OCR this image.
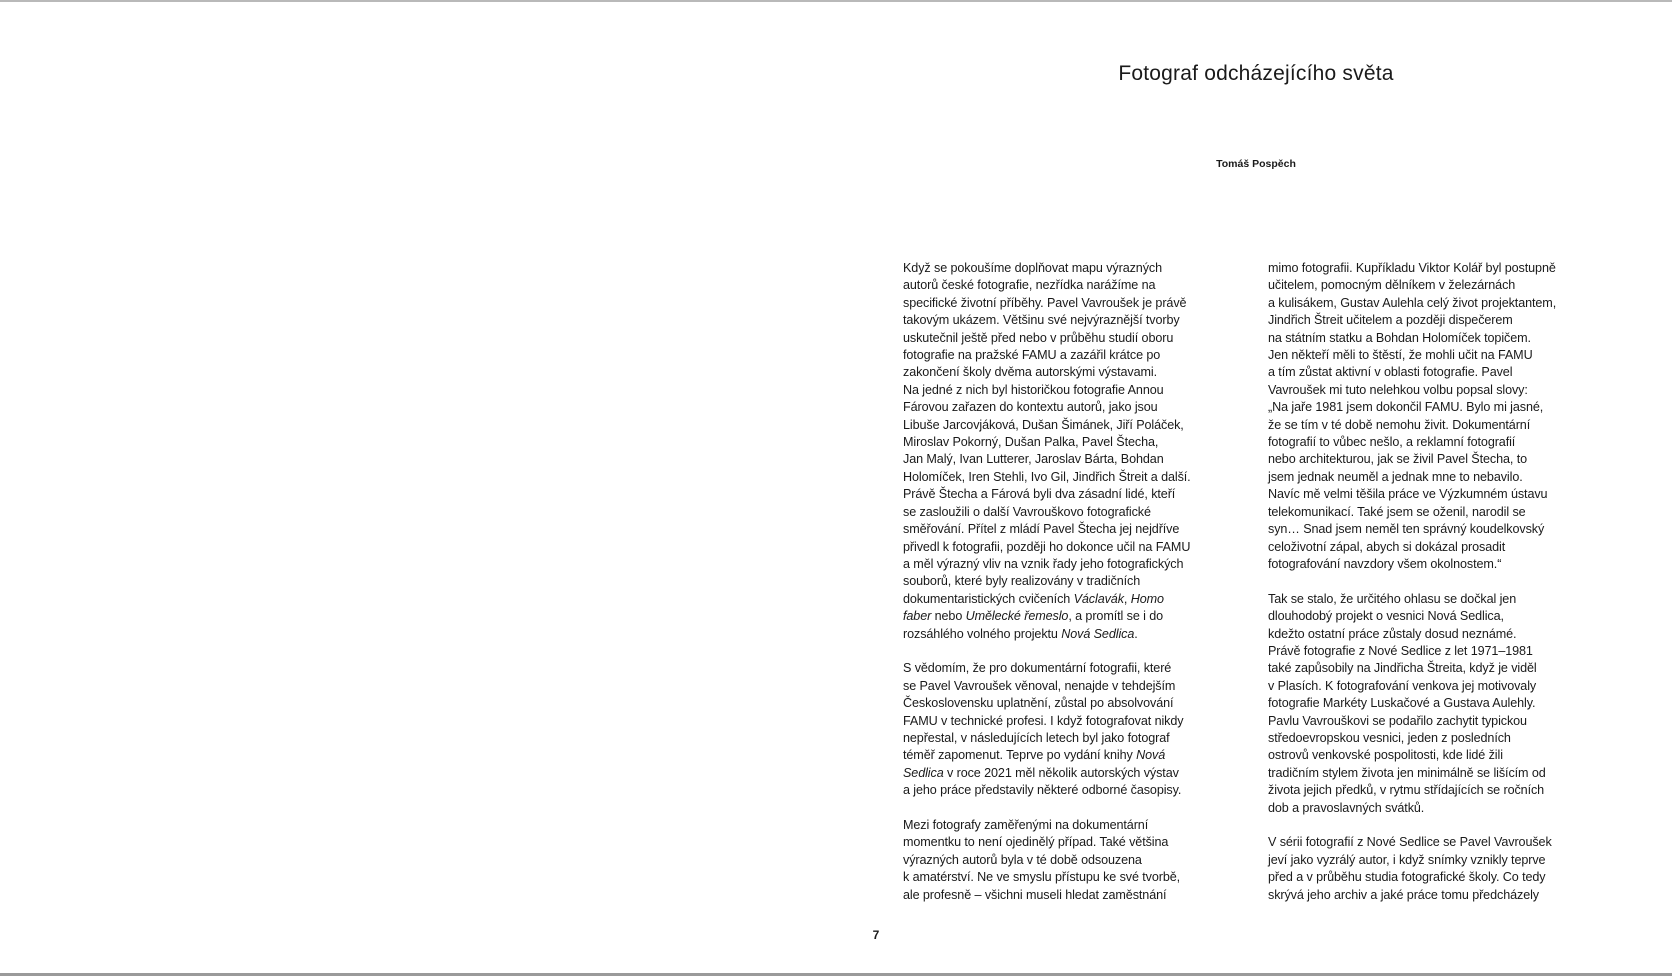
Fotograf odcházejícího světa

Tomáš Pospěch

Když se pokoušíme doplňovat mapu výrazných
autorů české fotografie, nezřídka narážíme na
specifické životní příběhy. Pavel Vavroušek je právě
takovým ukázem. Většinu své nejvýraznější tvorby
uskutečnil ještě před nebo v průběhu studií oboru
fotografie na pražské FAMU a zazářil krátce po
zakončení školy dvěma autorskými výstavami.
Na jedné z nich byl historičkou fotografie Annou
Fárovou zařazen do kontextu autorů, jako jsou
Libuše Jarcovjáková, Dušan Šimánek, Jiří Poláček,
Miroslav Pokorný, Dušan Palka, Pavel Štecha,
Jan Malý, Ivan Lutterer, Jaroslav Bárta, Bohdan
Holomíček, Iren Stehli, Ivo Gil, Jindřich Štreit a další.
Právě Štecha a Fárová byli dva zásadní lidé, kteří
se zasloužili o další Vavrouškovo fotografické
směřování. Přítel z mládí Pavel Štecha jej nejdříve
přivedl k fotografii, později ho dokonce učil na FAMU
a měl výrazný vliv na vznik řady jeho fotografických
souborů, které byly realizovány v tradičních
dokumentaristických cvičeních Václavák, Homo
faber nebo Umělecké řemeslo, a promítl se i do
rozsáhlého volného projektu Nová Sedlica.
S vědomím, že pro dokumentární fotografii, které
se Pavel Vavroušek věnoval, nenajde v tehdejším
Československu uplatnění, zůstal po absolvování
FAMU v technické profesi. I když fotografovat nikdy
nepřestal, v následujících letech byl jako fotograf
téměř zapomenut. Teprve po vydání knihy Nová
Sedlica v roce 2021 měl několik autorských výstav
a jeho práce představily některé odborné časopisy.
Mezi fotografy zaměřenými na dokumentární
momentku to není ojedinělý případ. Také většina
výrazných autorů byla v té době odsouzena
k amatérství. Ne ve smyslu přístupu ke své tvorbě,
ale profesně – všichni museli hledat zaměstnání
mimo fotografii. Kupříkladu Viktor Kolář byl postupně
učitelem, pomocným dělníkem v železárnách
a kulisákem, Gustav Aulehla celý život projektantem,
Jindřich Štreit učitelem a později dispečerem
na státním statku a Bohdan Holomíček topičem.
Jen někteří měli to štěstí, že mohli učit na FAMU
a tím zůstat aktivní v oblasti fotografie. Pavel
Vavroušek mi tuto nelehkou volbu popsal slovy:
„Na jaře 1981 jsem dokončil FAMU. Bylo mi jasné,
že se tím v té době nemohu živit. Dokumentární
fotografií to vůbec nešlo, a reklamní fotografií
nebo architekturou, jak se živil Pavel Štecha, to
jsem jednak neuměl a jednak mne to nebavilo.
Navíc mě velmi těšila práce ve Výzkumném ústavu
telekomunikací. Také jsem se oženil, narodil se
syn… Snad jsem neměl ten správný koudelkovský
celoživotní zápal, abych si dokázal prosadit
fotografování navzdory všem okolnostem.“
Tak se stalo, že určitého ohlasu se dočkal jen
dlouhodobý projekt o vesnici Nová Sedlica,
kdežto ostatní práce zůstaly dosud neznámé.
Právě fotografie z Nové Sedlice z let 1971–1981
také zapůsobily na Jindřicha Štreita, když je viděl
v Plasích. K fotografování venkova jej motivovaly
fotografie Markéty Luskačové a Gustava Aulehly.
Pavlu Vavrouškovi se podařilo zachytit typickou
středoevropskou vesnici, jeden z posledních
ostrovů venkovské pospolitosti, kde lidé žili
tradičním stylem života jen minimálně se lišícím od
života jejich předků, v rytmu střídajících se ročních
dob a pravoslavných svátků.
V sérii fotografií z Nové Sedlice se Pavel Vavroušek
jeví jako vyzrálý autor, i když snímky vznikly teprve
před a v průběhu studia fotografické školy. Co tedy
skrývá jeho archiv a jaké práce tomu předcházely
7
